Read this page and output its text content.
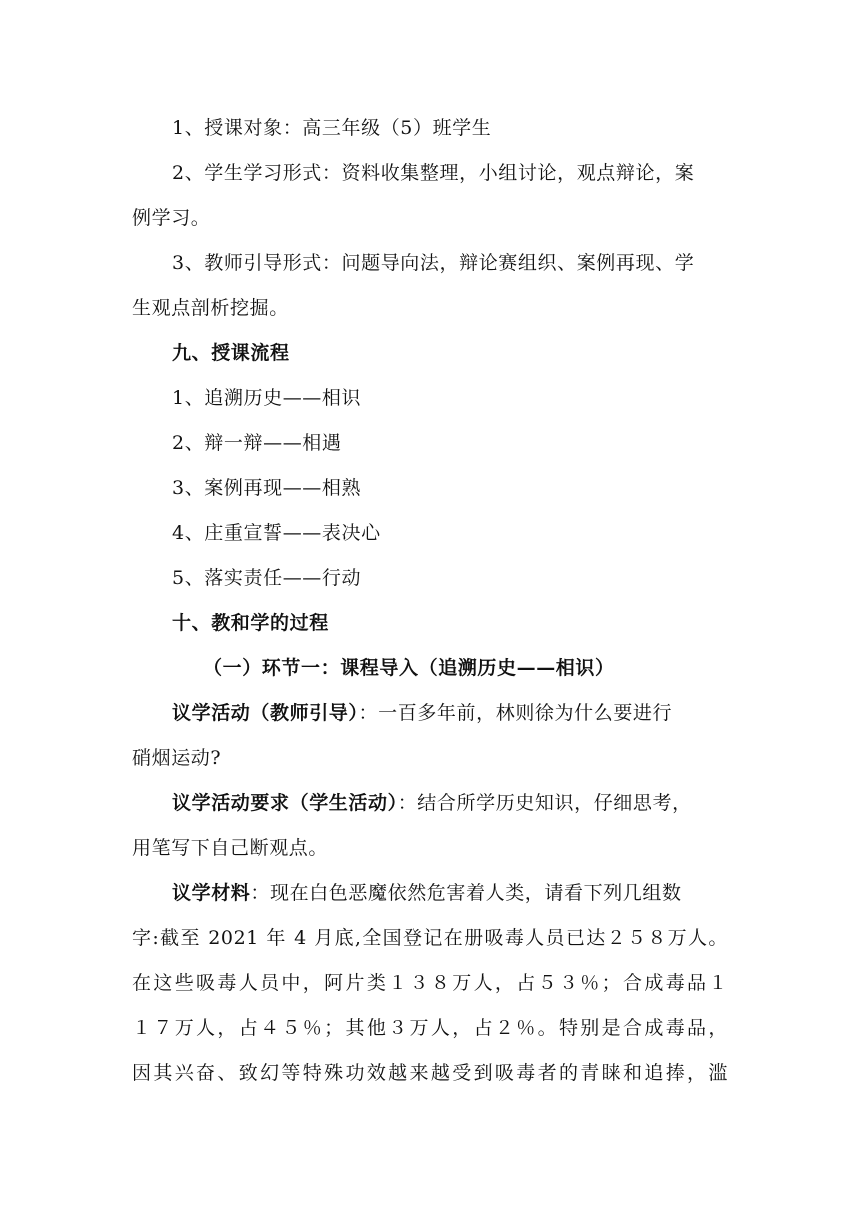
1、授课对象：高三年级（5）班学生
2、学生学习形式：资料收集整理，小组讨论，观点辩论，案
例学习。
3、教师引导形式：问题导向法，辩论赛组织、案例再现、学
生观点剖析挖掘。
九、授课流程
1、追溯历史——相识
2、辩一辩——相遇
3、案例再现——相熟
4、庄重宣誓——表决心
5、落实责任——行动
十、教和学的过程
（一）环节一：课程导入（追溯历史——相识）
议学活动（教师引导）：一百多年前，林则徐为什么要进行
硝烟运动?
议学活动要求（学生活动）：结合所学历史知识，仔细思考，
用笔写下自己断观点。
议学材料：现在白色恶魔依然危害着人类，请看下列几组数
字:截至 2021 年 4 月底,全国登记在册吸毒人员已达２５８万人。
在这些吸毒人员中，阿片类１３８万人，占５３％；合成毒品１
１７万人，占４５％；其他３万人，占２％。特别是合成毒品，
因其兴奋、致幻等特殊功效越来越受到吸毒者的青睐和追捧，滥
